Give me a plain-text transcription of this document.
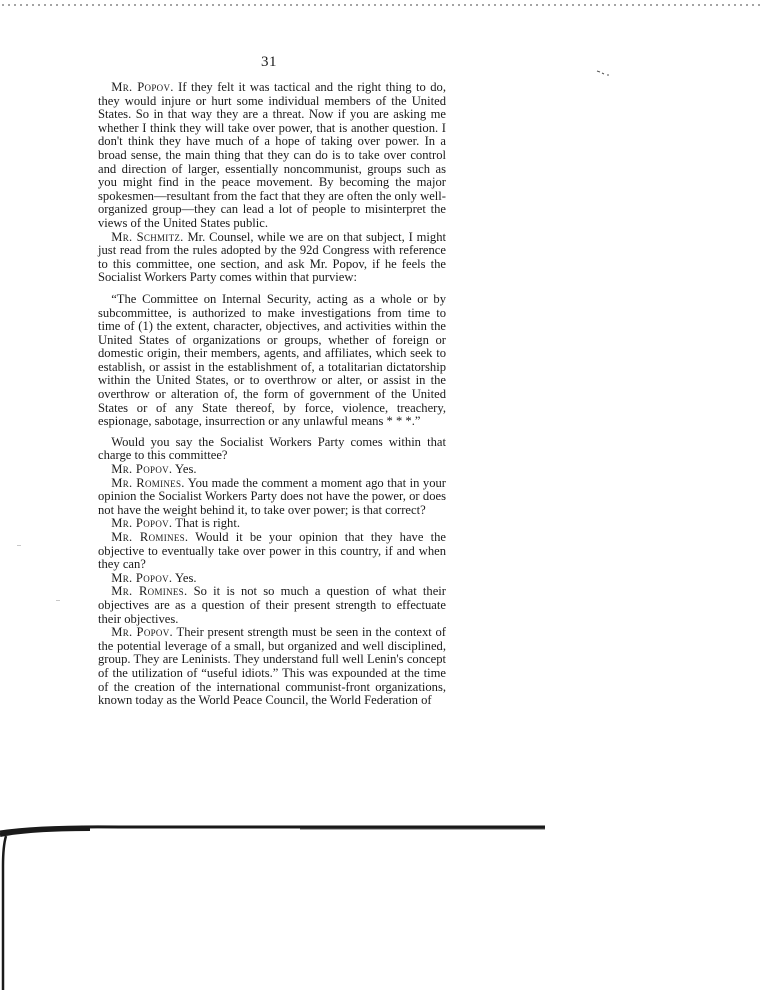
31

Mr. Popov. If they felt it was tactical and the right thing to do, they would injure or hurt some individual members of the United States. So in that way they are a threat. Now if you are asking me whether I think they will take over power, that is another question. I don't think they have much of a hope of taking over power. In a broad sense, the main thing that they can do is to take over control and direction of larger, essentially noncommunist, groups such as you might find in the peace movement. By becoming the major spokesmen—resultant from the fact that they are often the only well-organized group—they can lead a lot of people to misinterpret the views of the United States public.

Mr. Schmitz. Mr. Counsel, while we are on that subject, I might just read from the rules adopted by the 92d Congress with reference to this committee, one section, and ask Mr. Popov, if he feels the Socialist Workers Party comes within that purview:

“The Committee on Internal Security, acting as a whole or by subcommittee, is authorized to make investigations from time to time of (1) the extent, character, objectives, and activities within the United States of organizations or groups, whether of foreign or domestic origin, their members, agents, and affiliates, which seek to establish, or assist in the establishment of, a totalitarian dictatorship within the United States, or to overthrow or alter, or assist in the overthrow or alteration of, the form of government of the United States or of any State thereof, by force, violence, treachery, espionage, sabotage, insurrection or any unlawful means * * *.”

Would you say the Socialist Workers Party comes within that charge to this committee?

Mr. Popov. Yes.

Mr. Romines. You made the comment a moment ago that in your opinion the Socialist Workers Party does not have the power, or does not have the weight behind it, to take over power; is that correct?

Mr. Popov. That is right.

Mr. Romines. Would it be your opinion that they have the objective to eventually take over power in this country, if and when they can?

Mr. Popov. Yes.

Mr. Romines. So it is not so much a question of what their objectives are as a question of their present strength to effectuate their objectives.

Mr. Popov. Their present strength must be seen in the context of the potential leverage of a small, but organized and well disciplined, group. They are Leninists. They understand full well Lenin's concept of the utilization of “useful idiots.” This was expounded at the time of the creation of the international communist-front organizations, known today as the World Peace Council, the World Federation of
